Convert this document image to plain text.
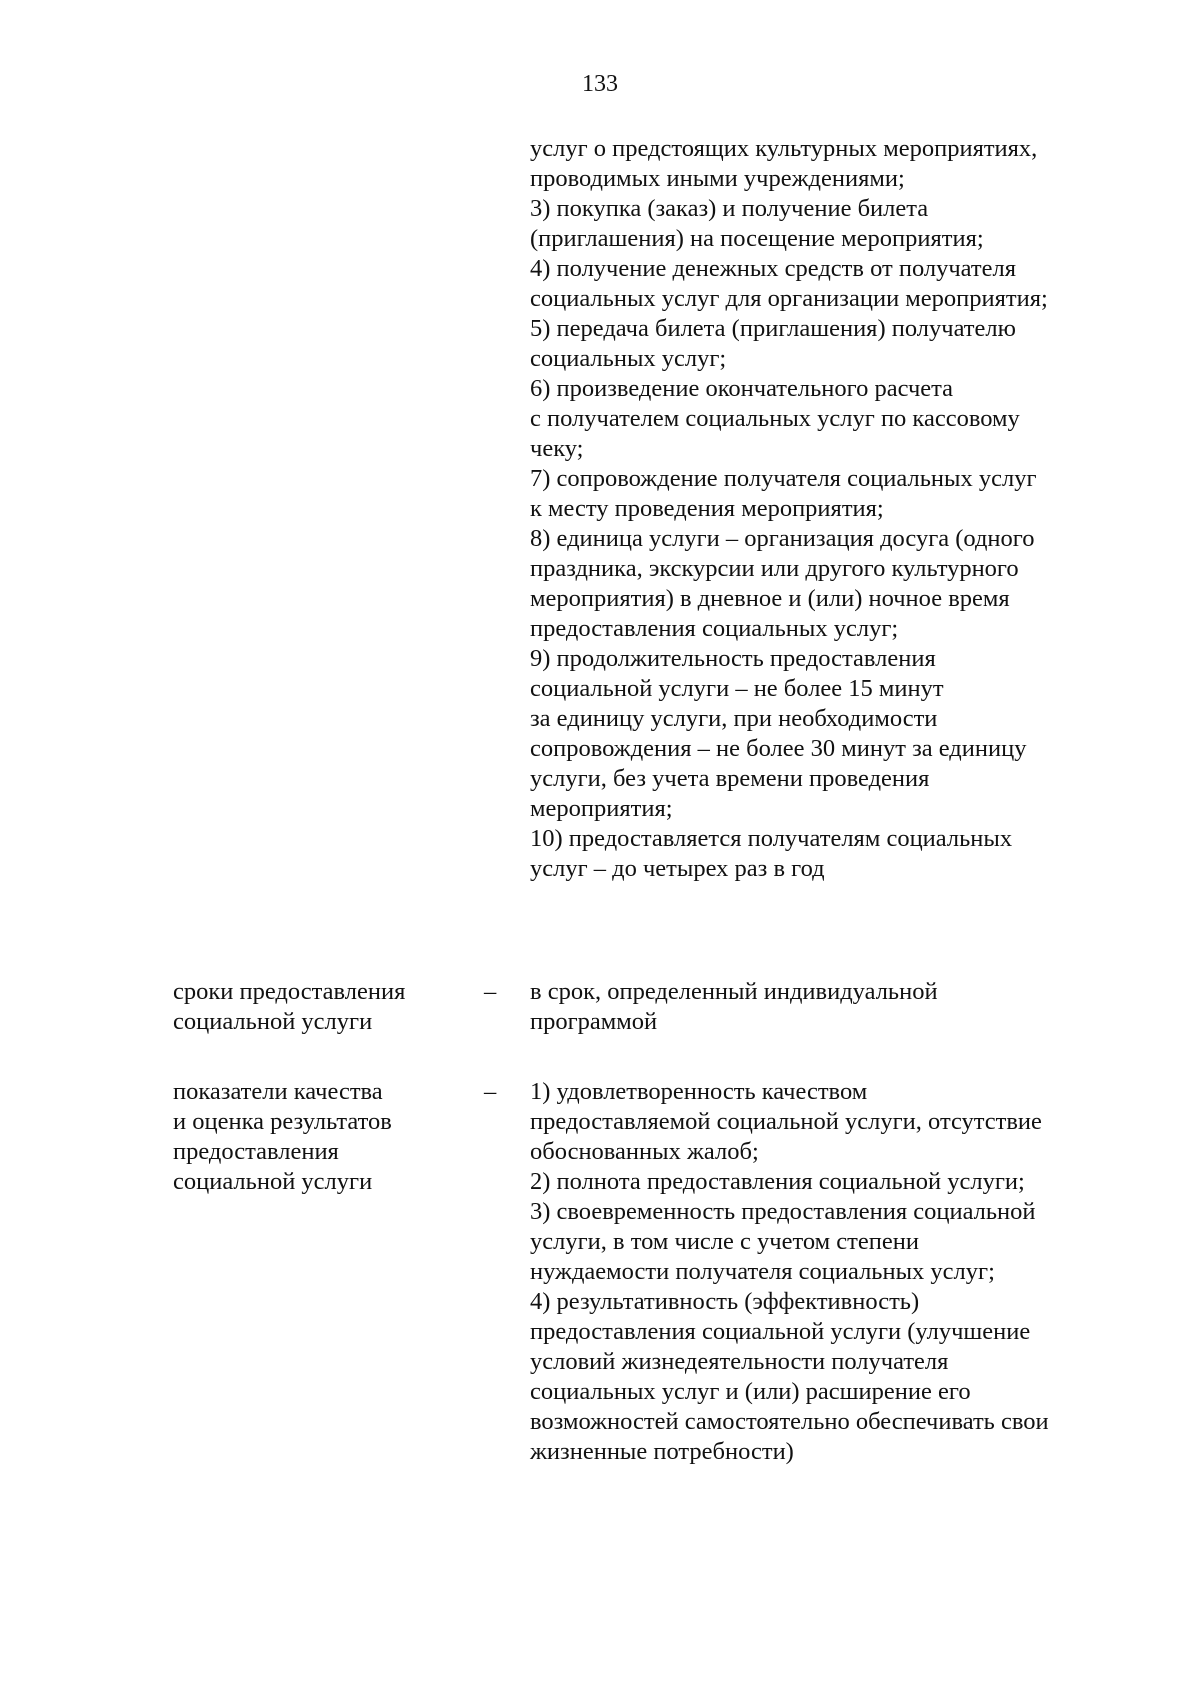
133
услуг о предстоящих культурных мероприятиях,
проводимых иными учреждениями;
3) покупка (заказ) и получение билета
(приглашения) на посещение мероприятия;
4) получение денежных средств от получателя
социальных услуг для организации мероприятия;
5) передача билета (приглашения) получателю
социальных услуг;
6) произведение окончательного расчета
с получателем социальных услуг по кассовому
чеку;
7) сопровождение получателя социальных услуг
к месту проведения мероприятия;
8) единица услуги – организация досуга (одного
праздника, экскурсии или другого культурного
мероприятия) в дневное и (или) ночное время
предоставления социальных услуг;
9) продолжительность предоставления
социальной услуги – не более 15 минут
за единицу услуги, при необходимости
сопровождения – не более 30 минут за единицу
услуги, без учета времени проведения
мероприятия;
10) предоставляется получателям социальных
услуг – до четырех раз в год
сроки предоставления
социальной услуги
– в срок, определенный индивидуальной
программой
показатели качества
и оценка результатов
предоставления
социальной услуги
– 1) удовлетворенность качеством
предоставляемой социальной услуги, отсутствие
обоснованных жалоб;
2) полнота предоставления социальной услуги;
3) своевременность предоставления социальной
услуги, в том числе с учетом степени
нуждаемости получателя социальных услуг;
4) результативность (эффективность)
предоставления социальной услуги (улучшение
условий жизнедеятельности получателя
социальных услуг и (или) расширение его
возможностей самостоятельно обеспечивать свои
жизненные потребности)
